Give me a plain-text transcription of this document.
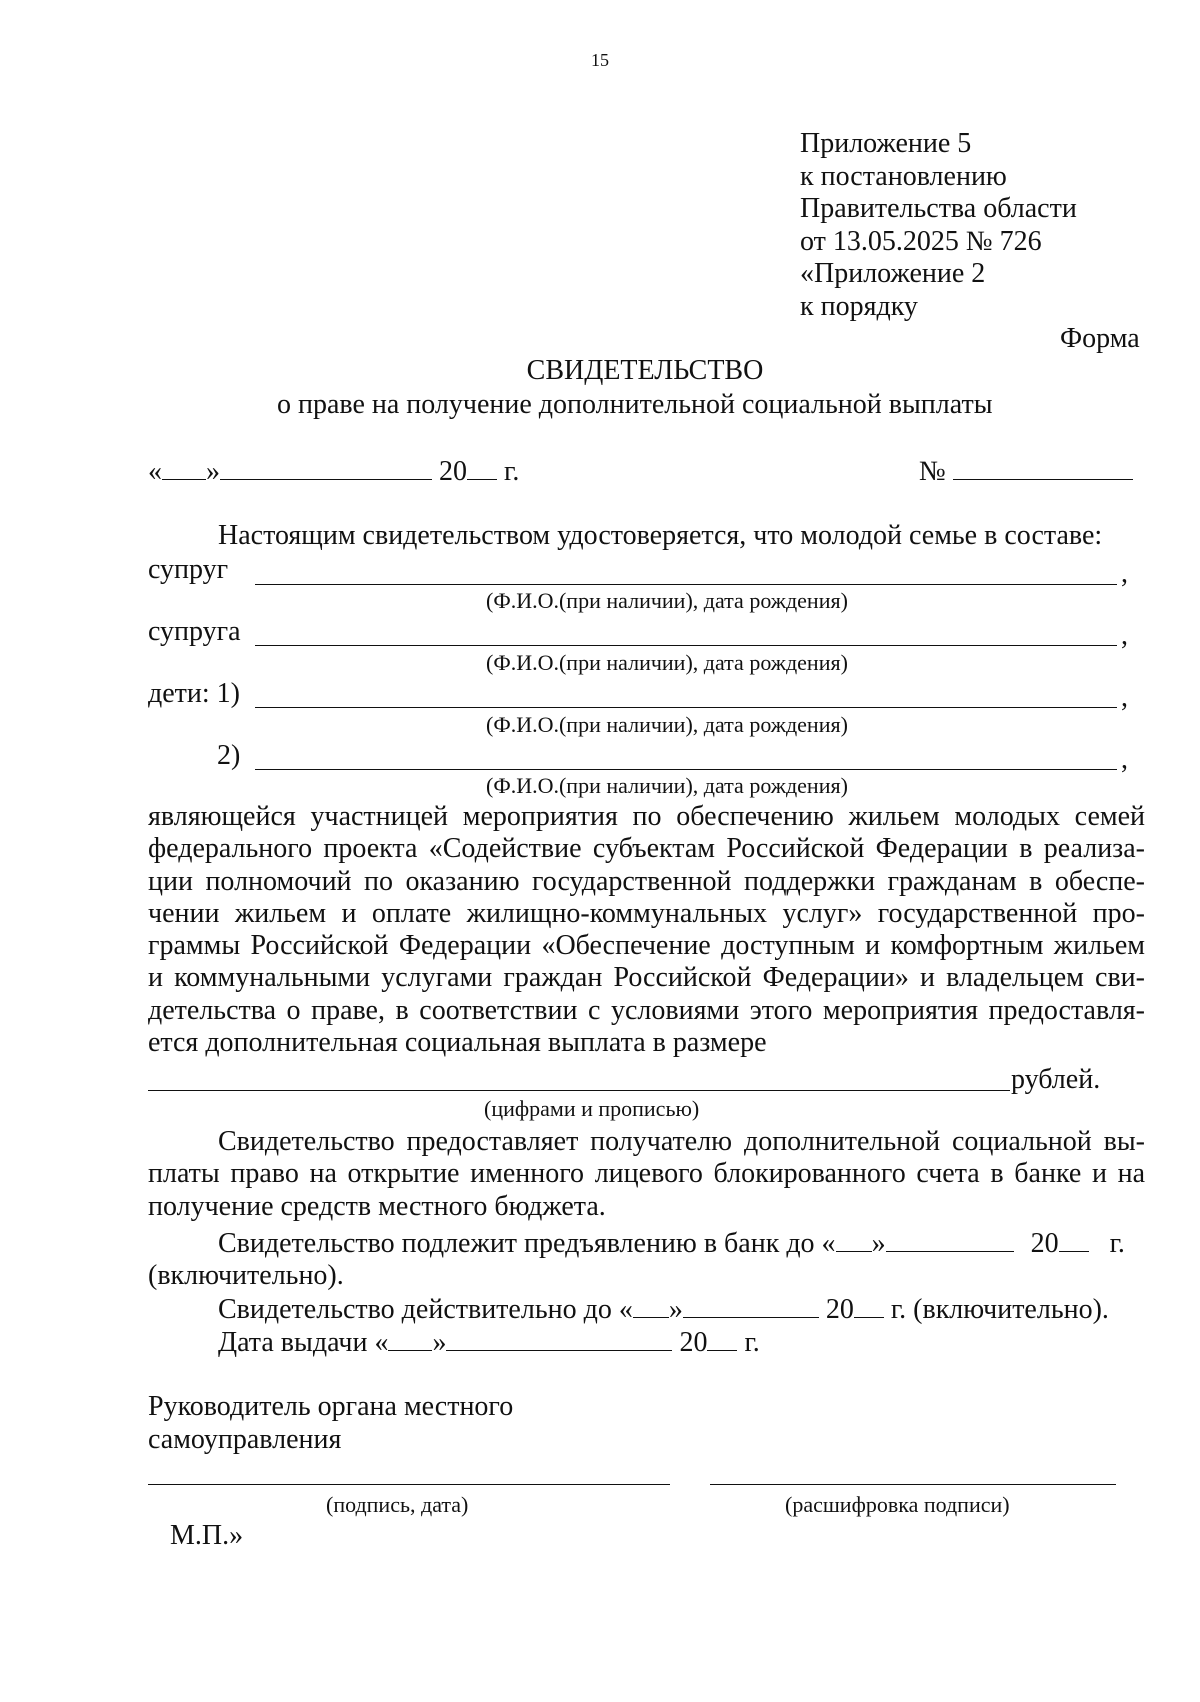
15
Приложение 5
к постановлению
Правительства области
от 13.05.2025 № 726
«Приложение 2
к порядку
Форма
СВИДЕТЕЛЬСТВО
о праве на получение дополнительной социальной выплаты
« »	20 г.	№
Настоящим свидетельством удостоверяется, что молодой семье в составе:
супруг	,
(Ф.И.О.(при наличии), дата рождения)
супруга	,
(Ф.И.О.(при наличии), дата рождения)
дети: 1)	,
(Ф.И.О.(при наличии), дата рождения)
2)	,
(Ф.И.О.(при наличии), дата рождения)
являющейся участницей мероприятия по обеспечению жильем молодых семей
федерального проекта «Содействие субъектам Российской Федерации в реализа-
ции полномочий по оказанию государственной поддержки гражданам в обеспе-
чении жильем и оплате жилищно-коммунальных услуг» государственной про-
граммы Российской Федерации «Обеспечение доступным и комфортным жильем
и коммунальными услугами граждан Российской Федерации» и владельцем сви-
детельства о праве, в соответствии с условиями этого мероприятия предоставля-
ется дополнительная социальная выплата в размере
рублей.
(цифрами и прописью)
Свидетельство предоставляет получателю дополнительной социальной вы-
платы право на открытие именного лицевого блокированного счета в банке и на
получение средств местного бюджета.
Свидетельство подлежит предъявлению в банк до « »	20 г.
(включительно).
Свидетельство действительно до « »	20 г. (включительно).
Дата выдачи « »	20 г.
Руководитель органа местного
самоуправления
(подпись, дата)	(расшифровка подписи)
М.П.»
